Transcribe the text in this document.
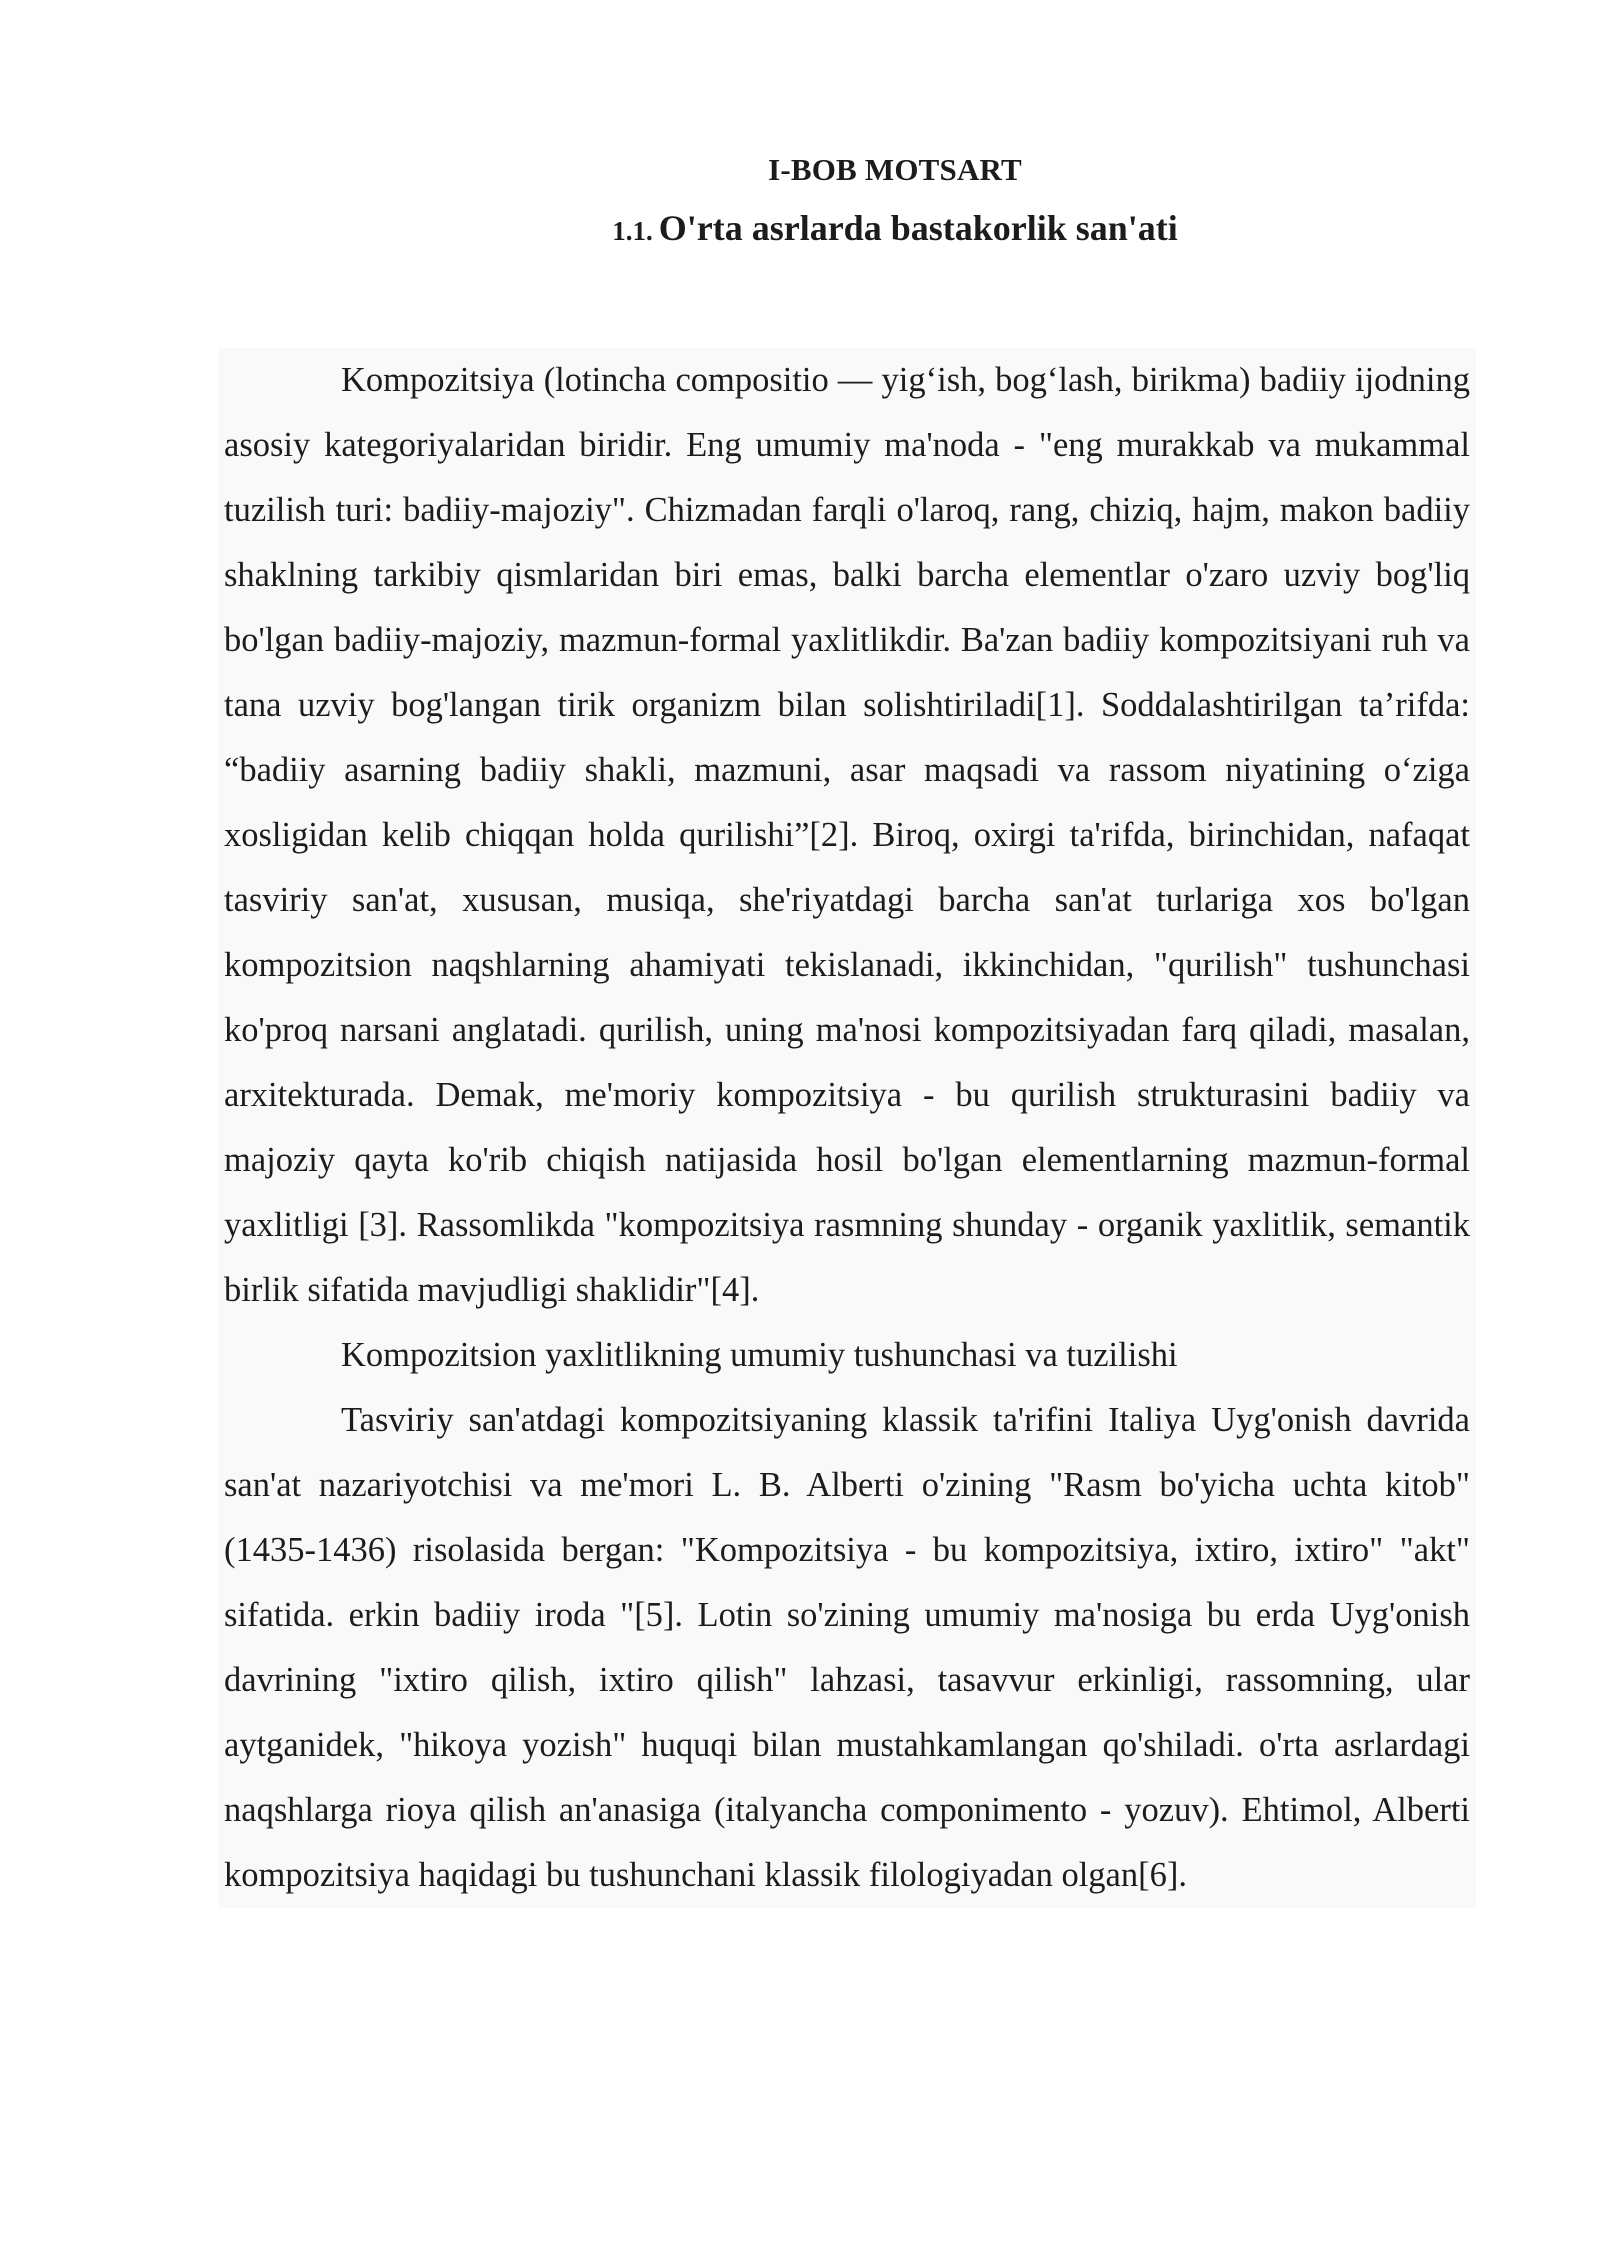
I-BOB MOTSART
1.1. O'rta asrlarda bastakorlik san'ati

Kompozitsiya (lotincha compositio — yig‘ish, bog‘lash, birikma) badiiy ijodning asosiy kategoriyalaridan biridir. Eng umumiy ma'noda - "eng murakkab va mukammal tuzilish turi: badiiy-majoziy". Chizmadan farqli o'laroq, rang, chiziq, hajm, makon badiiy shaklning tarkibiy qismlaridan biri emas, balki barcha elementlar o'zaro uzviy bog'liq bo'lgan badiiy-majoziy, mazmun-formal yaxlitlikdir. Ba'zan badiiy kompozitsiyani ruh va tana uzviy bog'langan tirik organizm bilan solishtiriladi[1]. Soddalashtirilgan ta’rifda: “badiiy asarning badiiy shakli, mazmuni, asar maqsadi va rassom niyatining o‘ziga xosligidan kelib chiqqan holda qurilishi”[2]. Biroq, oxirgi ta'rifda, birinchidan, nafaqat tasviriy san'at, xususan, musiqa, she'riyatdagi barcha san'at turlariga xos bo'lgan kompozitsion naqshlarning ahamiyati tekislanadi, ikkinchidan, "qurilish" tushunchasi ko'proq narsani anglatadi. qurilish, uning ma'nosi kompozitsiyadan farq qiladi, masalan, arxitekturada. Demak, me'moriy kompozitsiya - bu qurilish strukturasini badiiy va majoziy qayta ko'rib chiqish natijasida hosil bo'lgan elementlarning mazmun-formal yaxlitligi [3]. Rassomlikda "kompozitsiya rasmning shunday - organik yaxlitlik, semantik birlik sifatida mavjudligi shaklidir"[4].

Kompozitsion yaxlitlikning umumiy tushunchasi va tuzilishi

Tasviriy san'atdagi kompozitsiyaning klassik ta'rifini Italiya Uyg'onish davrida san'at nazariyotchisi va me'mori L. B. Alberti o'zining "Rasm bo'yicha uchta kitob" (1435-1436) risolasida bergan: "Kompozitsiya - bu kompozitsiya, ixtiro, ixtiro" "akt" sifatida. erkin badiiy iroda "[5]. Lotin so'zining umumiy ma'nosiga bu erda Uyg'onish davrining "ixtiro qilish, ixtiro qilish" lahzasi, tasavvur erkinligi, rassomning, ular aytganidek, "hikoya yozish" huquqi bilan mustahkamlangan qo'shiladi. o'rta asrlardagi naqshlarga rioya qilish an'anasiga (italyancha componimento - yozuv). Ehtimol, Alberti kompozitsiya haqidagi bu tushunchani klassik filologiyadan olgan[6].
